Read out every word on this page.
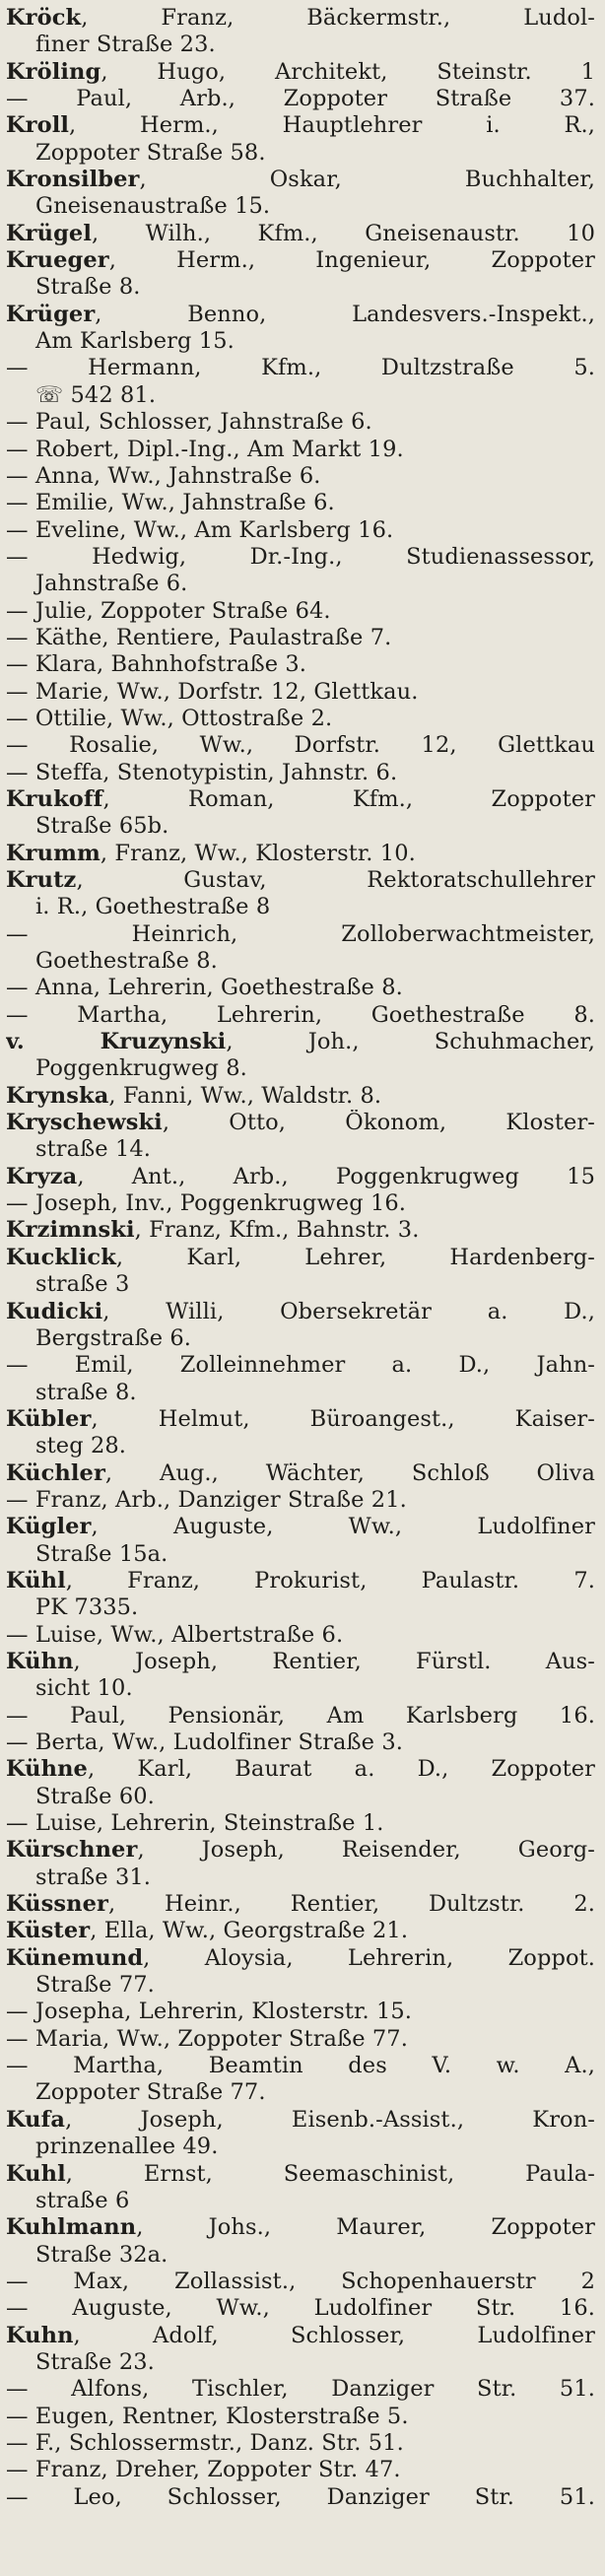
Kröck, Franz, Bäckermstr., Ludol-
finer Straße 23.
Kröling, Hugo, Architekt, Steinstr. 1
— Paul, Arb., Zoppoter Straße 37.
Kroll, Herm., Hauptlehrer i. R.,
Zoppoter Straße 58.
Kronsilber, Oskar, Buchhalter,
Gneisenaustraße 15.
Krügel, Wilh., Kfm., Gneisenaustr. 10
Krueger, Herm., Ingenieur, Zoppoter
Straße 8.
Krüger, Benno, Landesvers.-Inspekt.,
Am Karlsberg 15.
— Hermann, Kfm., Dultzstraße 5.
☏ 542 81.
— Paul, Schlosser, Jahnstraße 6.
— Robert, Dipl.-Ing., Am Markt 19.
— Anna, Ww., Jahnstraße 6.
— Emilie, Ww., Jahnstraße 6.
— Eveline, Ww., Am Karlsberg 16.
— Hedwig, Dr.-Ing., Studienassessor,
Jahnstraße 6.
— Julie, Zoppoter Straße 64.
— Käthe, Rentiere, Paulastraße 7.
— Klara, Bahnhofstraße 3.
— Marie, Ww., Dorfstr. 12, Glettkau.
— Ottilie, Ww., Ottostraße 2.
— Rosalie, Ww., Dorfstr. 12, Glettkau
— Steffa, Stenotypistin, Jahnstr. 6.
Krukoff, Roman, Kfm., Zoppoter
Straße 65b.
Krumm, Franz, Ww., Klosterstr. 10.
Krutz, Gustav, Rektoratschullehrer
i. R., Goethestraße 8
— Heinrich, Zolloberwachtmeister,
Goethestraße 8.
— Anna, Lehrerin, Goethestraße 8.
— Martha, Lehrerin, Goethestraße 8.
v. Kruzynski, Joh., Schuhmacher,
Poggenkrugweg 8.
Krynska, Fanni, Ww., Waldstr. 8.
Kryschewski, Otto, Ökonom, Kloster-
straße 14.
Kryza, Ant., Arb., Poggenkrugweg 15
— Joseph, Inv., Poggenkrugweg 16.
Krzimnski, Franz, Kfm., Bahnstr. 3.
Kucklick, Karl, Lehrer, Hardenberg-
straße 3
Kudicki, Willi, Obersekretär a. D.,
Bergstraße 6.
— Emil, Zolleinnehmer a. D., Jahn-
straße 8.
Kübler, Helmut, Büroangest., Kaiser-
steg 28.
Küchler, Aug., Wächter, Schloß Oliva
— Franz, Arb., Danziger Straße 21.
Kügler, Auguste, Ww., Ludolfiner
Straße 15a.
Kühl, Franz, Prokurist, Paulastr. 7.
PK 7335.
— Luise, Ww., Albertstraße 6.
Kühn, Joseph, Rentier, Fürstl. Aus-
sicht 10.
— Paul, Pensionär, Am Karlsberg 16.
— Berta, Ww., Ludolfiner Straße 3.
Kühne, Karl, Baurat a. D., Zoppoter
Straße 60.
— Luise, Lehrerin, Steinstraße 1.
Kürschner, Joseph, Reisender, Georg-
straße 31.
Küssner, Heinr., Rentier, Dultzstr. 2.
Küster, Ella, Ww., Georgstraße 21.
Künemund, Aloysia, Lehrerin, Zoppot.
Straße 77.
— Josepha, Lehrerin, Klosterstr. 15.
— Maria, Ww., Zoppoter Straße 77.
— Martha, Beamtin des V. w. A.,
Zoppoter Straße 77.
Kufa, Joseph, Eisenb.-Assist., Kron-
prinzenallee 49.
Kuhl, Ernst, Seemaschinist, Paula-
straße 6
Kuhlmann, Johs., Maurer, Zoppoter
Straße 32a.
— Max, Zollassist., Schopenhauerstr 2
— Auguste, Ww., Ludolfiner Str. 16.
Kuhn, Adolf, Schlosser, Ludolfiner
Straße 23.
— Alfons, Tischler, Danziger Str. 51.
— Eugen, Rentner, Klosterstraße 5.
— F., Schlossermstr., Danz. Str. 51.
— Franz, Dreher, Zoppoter Str. 47.
— Leo, Schlosser, Danziger Str. 51.
